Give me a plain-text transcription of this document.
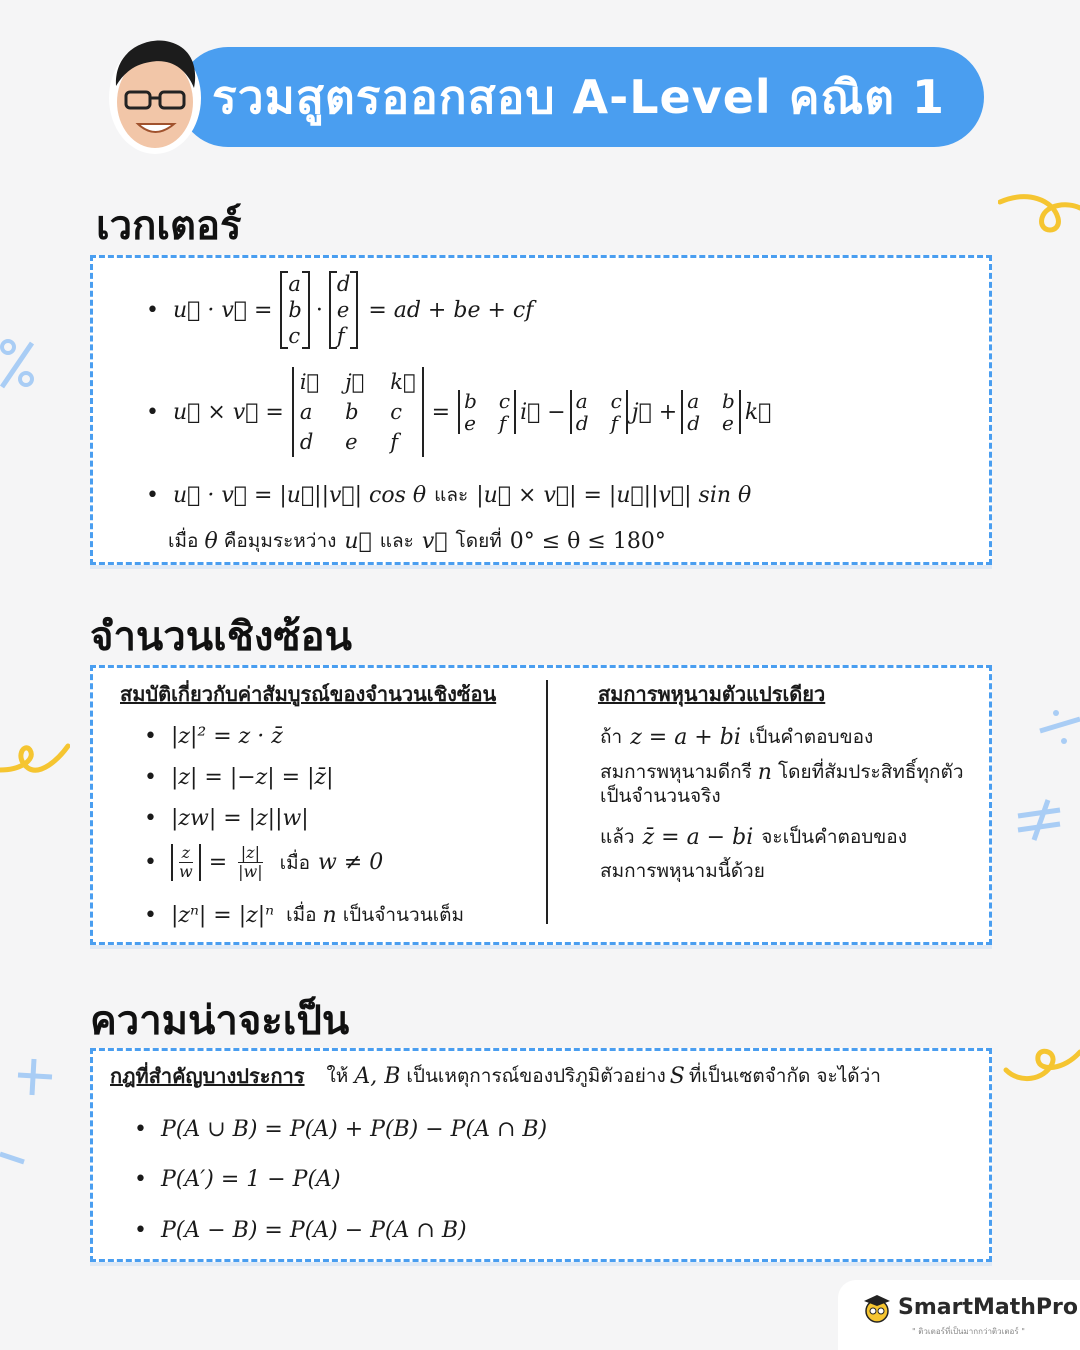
รวมสูตรออกสอบ A-Level คณิต 1
เวกเตอร์
• u⃗ · v⃗ =
a
b
c
·
d
e
f
= ad + be + cf
• u⃗ × v⃗ =
i⃗ j⃗ k⃗
a	b c
d e	f
= b c
e f i⃗ − a c
d f j⃗ + a b
d e k⃗
• u⃗ · v⃗ = |u⃗||v⃗| cos θ และ |u⃗ × v⃗| = |u⃗||v⃗| sin θ
เมื่อ θ คือมุมระหว่าง u⃗ และ v⃗ โดยที่ 0° ≤ θ ≤ 180°
จำนวนเชิงซ้อน
สมบัติเกี่ยวกับค่าสัมบูรณ์ของจำนวนเชิงซ้อน
• |z|² = z · z̄
• |z| = |−z| = |z̄|
• |zw| = |z||w|
• $\frac{z}{w} = \frac{|z|}{|w|}$ เมื่อ w ≠ 0
• |zⁿ| = |z|ⁿ เมื่อ n เป็นจำนวนเต็ม
สมการพหุนามตัวแปรเดียว
ถ้า z = a + bi เป็นคำตอบของ
สมการพหุนามดีกรี n โดยที่สัมประสิทธิ์ทุกตัว
เป็นจำนวนจริง
แล้ว z̄ = a − bi จะเป็นคำตอบของ
สมการพหุนามนี้ด้วย
ความน่าจะเป็น
กฎที่สำคัญบางประการ ให้ A, B เป็นเหตุการณ์ของปริภูมิตัวอย่าง S ที่เป็นเซตจำกัด จะได้ว่า
• P(A ∪ B) = P(A) + P(B) − P(A ∩ B)
• P(A′) = 1 − P(A)
• P(A − B) = P(A) − P(A ∩ B)
SmartMathPro
" ติวเตอร์ที่เป็นมากกว่าติวเตอร์ "
